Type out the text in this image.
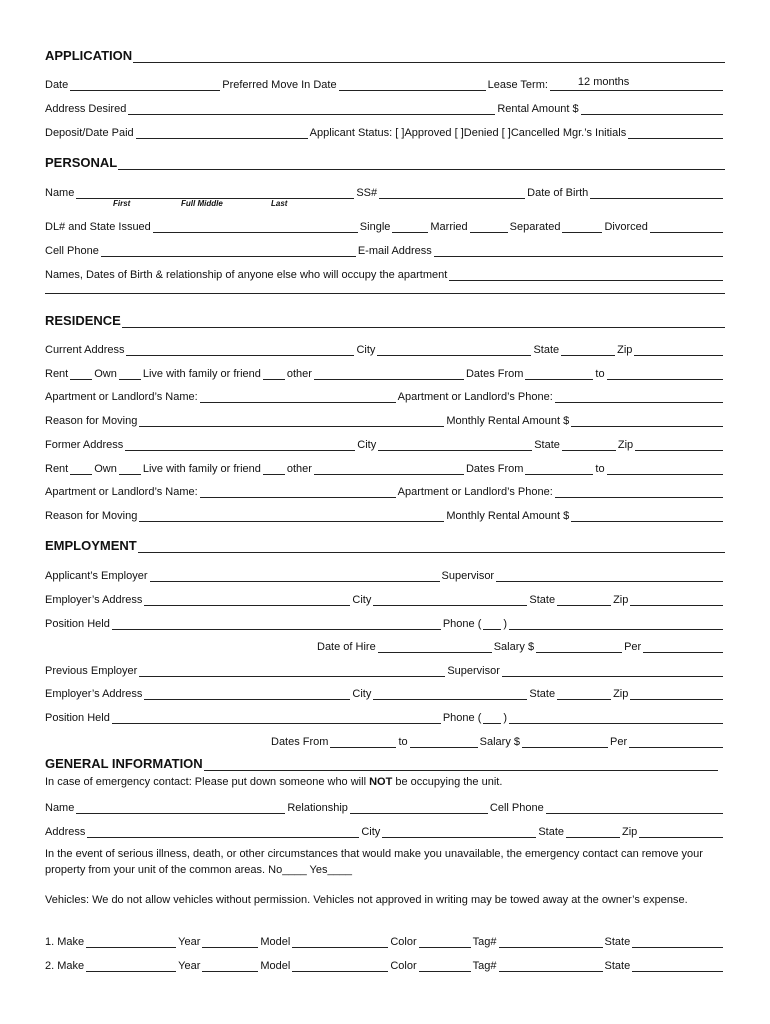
APPLICATION
Date	Preferred Move In Date	Lease Term:	12 months
Address Desired	Rental Amount $
Deposit/Date Paid	Applicant Status: [ ]Approved [ ]Denied [ ]Cancelled Mgr.’s Initials
PERSONAL
Name	SS#	Date of Birth
First	Full Middle	Last
DL# and State Issued	Single	Married	Separated	Divorced
Cell Phone	E-mail Address
Names, Dates of Birth & relationship of anyone else who will occupy the apartment
RESIDENCE
Current Address	City	State	Zip
Rent Own Live with family or friend other	Dates From	to
Apartment or Landlord’s Name:	Apartment or Landlord’s Phone:
Reason for Moving	Monthly Rental Amount $
Former Address	City	State	Zip
Rent Own Live with family or friend other	Dates From	to
Apartment or Landlord’s Name:	Apartment or Landlord’s Phone:
Reason for Moving	Monthly Rental Amount $
EMPLOYMENT
Applicant’s Employer	Supervisor
Employer’s Address	City	State	Zip
Position Held	Phone ( )
Date of Hire	Salary $	Per
Previous Employer	Supervisor
Employer’s Address	City	State	Zip
Position Held	Phone ( )
Dates From	to	Salary $	Per
GENERAL INFORMATION
In case of emergency contact: Please put down someone who will NOT be occupying the unit.
Name	Relationship	Cell Phone
Address	City	State	Zip
In the event of serious illness, death, or other circumstances that would make you unavailable, the emergency contact can remove your property from your unit of the common areas. No____ Yes____
Vehicles: We do not allow vehicles without permission. Vehicles not approved in writing may be towed away at the owner’s expense.
1. Make	Year	Model	Color	Tag#	State
2. Make	Year	Model	Color	Tag#	State
